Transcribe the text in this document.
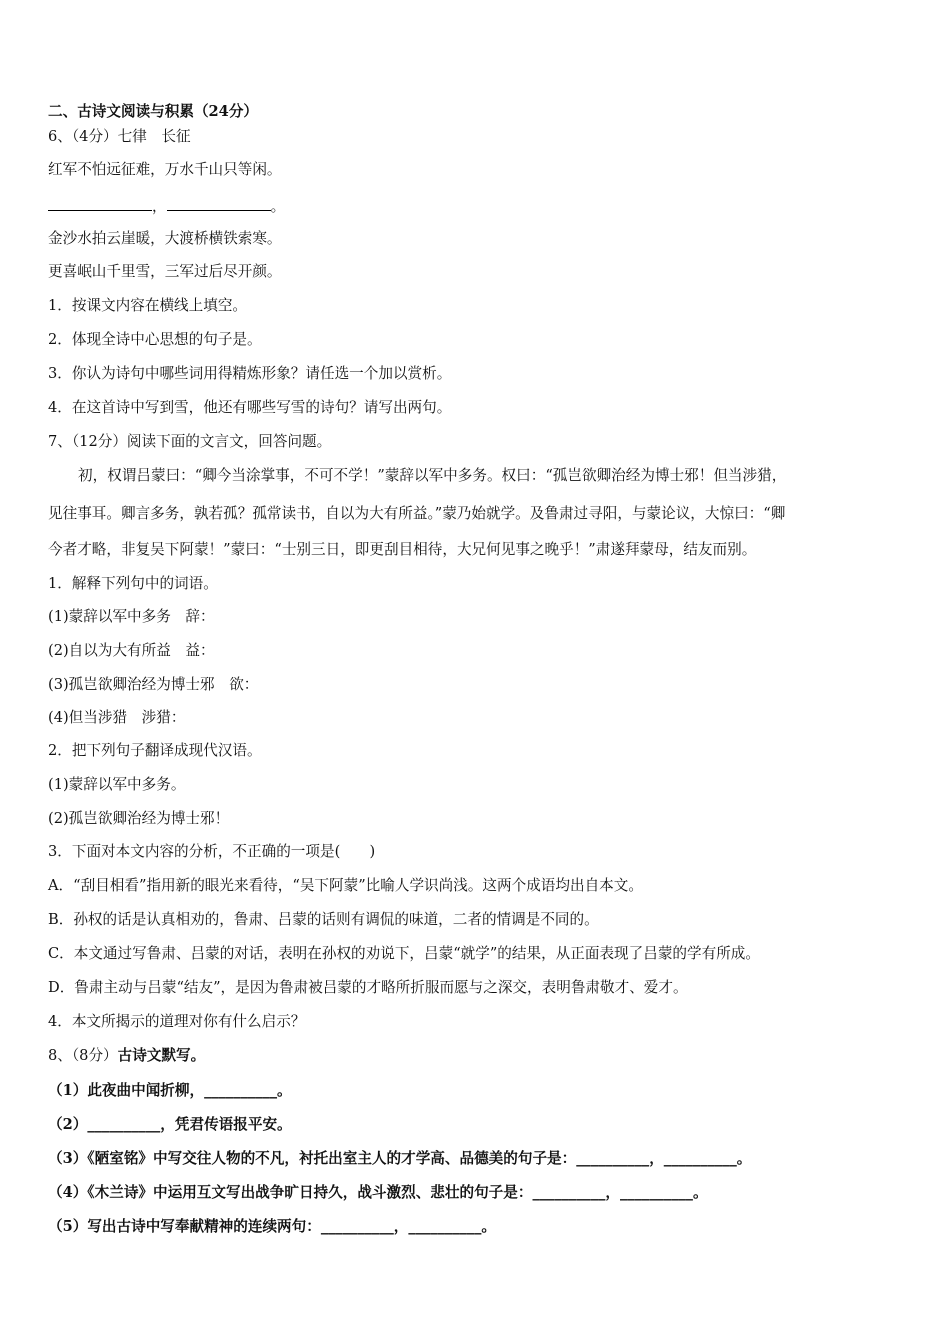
二、古诗文阅读与积累（24分）
6、（4分）七律　长征
红军不怕远征难，万水千山只等闲。
，	。
金沙水拍云崖暖，大渡桥横铁索寒。
更喜岷山千里雪，三军过后尽开颜。
1．按课文内容在横线上填空。
2．体现全诗中心思想的句子是。
3．你认为诗句中哪些词用得精炼形象？请任选一个加以赏析。
4．在这首诗中写到雪，他还有哪些写雪的诗句？请写出两句。
7、（12分）阅读下面的文言文，回答问题。
初，权谓吕蒙曰：“卿今当涂掌事，不可不学！”蒙辞以军中多务。权曰：“孤岂欲卿治经为博士邪！但当涉猎，
见往事耳。卿言多务，孰若孤？孤常读书，自以为大有所益。”蒙乃始就学。及鲁肃过寻阳，与蒙论议，大惊曰：“卿
今者才略，非复吴下阿蒙！”蒙曰：“士别三日，即更刮目相待，大兄何见事之晚乎！”肃遂拜蒙母，结友而别。
1．解释下列句中的词语。
(1)蒙辞以军中多务　辞：
(2)自以为大有所益　益：
(3)孤岂欲卿治经为博士邪　欲：
(4)但当涉猎　涉猎：
2．把下列句子翻译成现代汉语。
(1)蒙辞以军中多务。
(2)孤岂欲卿治经为博士邪！
3．下面对本文内容的分析，不正确的一项是(　　)
A．“刮目相看”指用新的眼光来看待，“吴下阿蒙”比喻人学识尚浅。这两个成语均出自本文。
B．孙权的话是认真相劝的，鲁肃、吕蒙的话则有调侃的味道，二者的情调是不同的。
C．本文通过写鲁肃、吕蒙的对话，表明在孙权的劝说下，吕蒙“就学”的结果，从正面表现了吕蒙的学有所成。
D．鲁肃主动与吕蒙“结友”，是因为鲁肃被吕蒙的才略所折服而愿与之深交，表明鲁肃敬才、爱才。
4．本文所揭示的道理对你有什么启示？
8、（8分）古诗文默写。
（1）此夜曲中闻折柳，__________。
（2）__________，凭君传语报平安。
（3）《陋室铭》中写交往人物的不凡，衬托出室主人的才学高、品德美的句子是：__________，__________。
（4）《木兰诗》中运用互文写出战争旷日持久，战斗激烈、悲壮的句子是：__________，__________。
（5）写出古诗中写奉献精神的连续两句：__________，__________。
